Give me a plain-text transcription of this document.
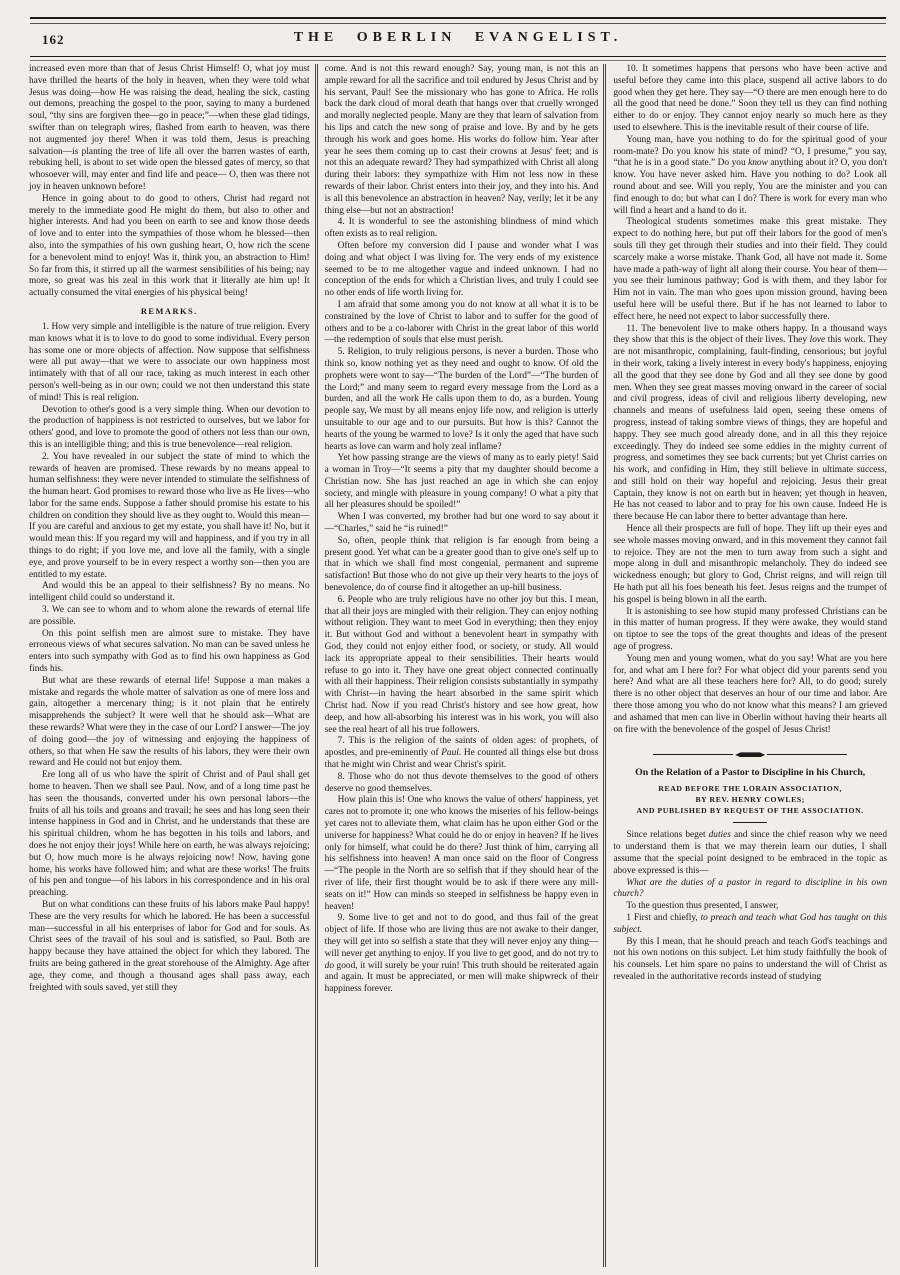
162	THE OBERLIN EVANGELIST.

increased even more than that of Jesus Christ Himself! O, what joy must have thrilled the hearts of the holy in heaven, when they were told what Jesus was doing—how He was raising the dead, healing the sick, casting out demons, preaching the gospel to the poor, saying to many a burdened soul, “thy sins are forgiven thee—go in peace;”—when these glad tidings, swifter than on telegraph wires, flashed from earth to heaven, was there not augmented joy there! When it was told them, Jesus is preaching salvation—is planting the tree of life all over the barren wastes of earth, rebuking hell, is about to set wide open the blessed gates of mercy, so that whosoever will, may enter and find life and peace— O, then was there not joy in heaven unknown before!

Hence in going about to do good to others, Christ had regard not merely to the immediate good He might do them, but also to other and higher interests. And had you been on earth to see and know those deeds of love and to enter into the sympathies of those whom he blessed—then also, into the sympathies of his own gushing heart, O, how rich the scene for a benevolent mind to enjoy! Was it, think you, an abstraction to Him! So far from this, it stirred up all the warmest sensibilities of his being; nay more, so great was his zeal in this work that it literally ate him up! It actually consumed the vital energies of his physical being!

REMARKS.

1. How very simple and intelligible is the nature of true religion. Every man knows what it is to love to do good to some individual. Every person has some one or more objects of affection. Now suppose that selfishness were all put away—that we were to associate our own happiness most intimately with that of all our race, taking as much interest in each other person's well-being as in our own; could we not then understand this state of mind! This is real religion.

Devotion to other's good is a very simple thing. When our devotion to the production of happiness is not restricted to ourselves, but we labor for others' good, and love to promote the good of others not less than our own, this is an intelligible thing; and this is true benevolence—real religion.

2. You have revealed in our subject the state of mind to which the rewards of heaven are promised. These rewards by no means appeal to human selfishness: they were never intended to stimulate the selfishness of the human heart. God promises to reward those who live as He lives—who labor for the same ends. Suppose a father should promise his estate to his children on condition they should live as they ought to. Would this mean—If you are careful and anxious to get my estate, you shall have it! No, but it would mean this: If you regard my will and happiness, and if you try in all things to do right; if you love me, and love all the family, with a single eye, and prove yourself to be in every respect a worthy son—then you are entitled to my estate.

And would this be an appeal to their selfishness? By no means. No intelligent child could so understand it.

3. We can see to whom and to whom alone the rewards of eternal life are possible.

On this point selfish men are almost sure to mistake. They have erroneous views of what secures salvation. No man can be saved unless he enters into such sympathy with God as to find his own happiness as God finds his.

But what are these rewards of eternal life! Suppose a man makes a mistake and regards the whole matter of salvation as one of mere loss and gain, altogether a mercenary thing; is it not plain that he entirely misapprehends the subject? It were well that he should ask—What are these rewards? What were they in the case of our Lord? I answer—The joy of doing good—the joy of witnessing and enjoying the happiness of others, so that when He saw the results of his labors, they were their own reward and He could not but enjoy them.

Ere long all of us who have the spirit of Christ and of Paul shall get home to heaven. Then we shall see Paul. Now, and of a long time past he has seen the thousands, converted under his own personal labors—the fruits of all his toils and groans and travail; he sees and has long seen their intense happiness in God and in Christ, and he understands that these are his spiritual children, whom he has begotten in his toils and labors, and does he not enjoy their joys! While here on earth, he was always rejoicing; but O, how much more is he always rejoicing now! Now, having gone home, his works have followed him; and what are these works! The fruits of his pen and tongue—of his labors in his correspondence and in his oral preaching.

But on what conditions can these fruits of his labors make Paul happy! These are the very results for which he labored. He has been a successful man—successful in all his enterprises of labor for God and for souls. As Christ sees of the travail of his soul and is satisfied, so Paul. Both are happy because they have attained the object for which they labored. The fruits are being gathered in the great storehouse of the Almighty. Age after age, they come, and though a thousand ages shall pass away, each freighted with souls saved, yet still they

come. And is not this reward enough? Say, young man, is not this an ample reward for all the sacrifice and toil endured by Jesus Christ and by his servant, Paul! See the missionary who has gone to Africa. He rolls back the dark cloud of moral death that hangs over that cruelly wronged and morally neglected people. Many are they that learn of salvation from his lips and catch the new song of praise and love. By and by he gets through his work and goes home. His works do follow him. Year after year he sees them coming up to cast their crowns at Jesus' feet; and is not this an adequate reward? They had sympathized with Christ all along during their labors: they sympathize with Him not less now in these rewards of their labor. Christ enters into their joy, and they into his. And is all this benevolence an abstraction in heaven? Nay, verily; let it be any thing else—but not an abstraction!

4. It is wonderful to see the astonishing blindness of mind which often exists as to real religion.

Often before my conversion did I pause and wonder what I was doing and what object I was living for. The very ends of my existence seemed to be to me altogether vague and indeed unknown. I had no conception of the ends for which a Christian lives, and truly I could see no other ends of life worth living for.

I am afraid that some among you do not know at all what it is to be constrained by the love of Christ to labor and to suffer for the good of others and to be a co-laborer with Christ in the great labor of this world—the redemption of souls that else must perish.

5. Religion, to truly religious persons, is never a burden. Those who think so, know nothing yet as they need and ought to know. Of old the prophets were wont to say—“The burden of the Lord”—“The burden of the Lord;” and many seem to regard every message from the Lord as a burden, and all the work He calls upon them to do, as a burden. Young people say, We must by all means enjoy life now, and religion is utterly unsuitable to our age and to our pursuits. But how is this? Cannot the hearts of the young be warmed to love? Is it only the aged that have such hearts as love can warm and holy zeal inflame?

Yet how passing strange are the views of many as to early piety! Said a woman in Troy—“It seems a pity that my daughter should become a Christian now. She has just reached an age in which she can enjoy society, and mingle with pleasure in young company! O what a pity that all her pleasures should be spoiled!”

When I was converted, my brother had but one word to say about it—“Charles,” said he “is ruined!”

So, often, people think that religion is far enough from being a present good. Yet what can be a greater good than to give one's self up to that in which we shall find most congenial, permanent and supreme satisfaction! But those who do not give up their very hearts to the joys of benevolence, do of course find it altogether an up-hill business.

6. People who are truly religious have no other joy but this. I mean, that all their joys are mingled with their religion. They can enjoy nothing without religion. They want to meet God in everything; then they enjoy it. But without God and without a benevolent heart in sympathy with God, they could not enjoy either food, or society, or study. All would lack its appropriate appeal to their sensibilities. Their hearts would refuse to go into it. They have one great object connected continually with all their happiness. Their religion consists substantially in sympathy with Christ—in having the heart absorbed in the same spirit which Christ had. Now if you read Christ's history and see how great, how deep, and how all-absorbing his interest was in his work, you will also see the real heart of all his true followers.

7. This is the religion of the saints of olden ages: of prophets, of apostles, and pre-eminently of Paul. He counted all things else but dross that he might win Christ and wear Christ's spirit.

8. Those who do not thus devote themselves to the good of others deserve no good themselves.

How plain this is! One who knows the value of others' happiness, yet cares not to promote it; one who knows the miseries of his fellow-beings yet cares not to alleviate them, what claim has he upon either God or the universe for happiness? What could he do or enjoy in heaven? If he lives only for himself, what could he do there? Just think of him, carrying all his selfishness into heaven! A man once said on the floor of Congress—“The people in the North are so selfish that if they should hear of the river of life, their first thought would be to ask if there were any mill-seats on it!” How can minds so steeped in selfishness be happy even in heaven!

9. Some live to get and not to do good, and thus fail of the great object of life. If those who are living thus are not awake to their danger, they will get into so selfish a state that they will never enjoy any thing—will never get anything to enjoy. If you live to get good, and do not try to do good, it will surely be your ruin! This truth should be reiterated again and again. It must be appreciated, or men will make shipwreck of their happiness forever.

10. It sometimes happens that persons who have been active and useful before they came into this place, suspend all active labors to do good when they get here. They say—“O there are men enough here to do all the good that need be done.” Soon they tell us they can find nothing either to do or enjoy. They cannot enjoy nearly so much here as they used to elsewhere. This is the inevitable result of their course of life.

Young man, have you nothing to do for the spiritual good of your room-mate? Do you know his state of mind? “O, I presume,” you say, “that he is in a good state.” Do you know anything about it? O, you don't know. You have never asked him. Have you nothing to do? Look all round about and see. Will you reply, You are the minister and you can find enough to do; but what can I do? There is work for every man who will find a heart and a hand to do it.

Theological students sometimes make this great mistake. They expect to do nothing here, but put off their labors for the good of men's souls till they get through their studies and into their field. They could scarcely make a worse mistake. Thank God, all have not made it. Some have made a path-way of light all along their course. You hear of them—you see their luminous pathway; God is with them, and they labor for Him not in vain. The man who goes upon mission ground, having been useful here will be useful there. But if he has not learned to labor to effect here, he need not expect to labor successfully there.

11. The benevolent live to make others happy. In a thousand ways they show that this is the object of their lives. They love this work. They are not misanthropic, complaining, fault-finding, censorious; but joyful in their work, taking a lively interest in every body's happiness, enjoying all the good that they see done by God and all they see done by good men. When they see great masses moving onward in the career of social and civil progress, ideas of civil and religious liberty developing, new channels and means of usefulness laid open, seeing these omens of progress, instead of taking sombre views of things, they are hopeful and happy. They see much good already done, and in all this they rejoice exceedingly. They do indeed see some eddies in the mighty current of progress, and sometimes they see back currents; but yet Christ carries on his work, and confiding in Him, they still believe in ultimate success, and still hold on their way hopeful and rejoicing. Jesus their great Captain, they know is not on earth but in heaven; yet though in heaven, He has not ceased to labor and to pray for his own cause. Indeed He is there because He can labor there to better advantage than here.

Hence all their prospects are full of hope. They lift up their eyes and see whole masses moving onward, and in this movement they cannot fail to rejoice. They are not the men to turn away from such a sight and mope along in dull and misanthropic melancholy. They do indeed see wickedness enough; but glory to God, Christ reigns, and will reign till He hath put all his foes beneath his feet. Jesus reigns and the trumpet of his gospel is being blown in all the earth.

It is astonishing to see how stupid many professed Christians can be in this matter of human progress. If they were awake, they would stand on tiptoe to see the tops of the great thoughts and ideas of the present age of progress.

Young men and young women, what do you say! What are you here for, and what am I here for? For what object did your parents send you here? And what are all these teachers here for? All, to do good; surely there is no other object that deserves an hour of our time and labor. Are there those among you who do not know what this means? I am grieved and ashamed that men can live in Oberlin without having their hearts all on fire with the benevolence of the gospel of Jesus Christ!

On the Relation of a Pastor to Discipline in his Church,
READ BEFORE THE LORAIN ASSOCIATION,
BY REV. HENRY COWLES;
AND PUBLISHED BY REQUEST OF THE ASSOCIATION.

Since relations beget duties and since the chief reason why we need to understand them is that we may therein learn our duties, I shall assume that the special point designed to be embraced in the topic as above expressed is this—

What are the duties of a pastor in regard to discipline in his own church?

To the question thus presented, I answer,

1 First and chiefly, to preach and teach what God has taught on this subject.

By this I mean, that he should preach and teach God's teachings and not his own notions on this subject. Let him study faithfully the book of his counsels. Let him spare no pains to understand the will of Christ as revealed in the authoritative records instead of studying
